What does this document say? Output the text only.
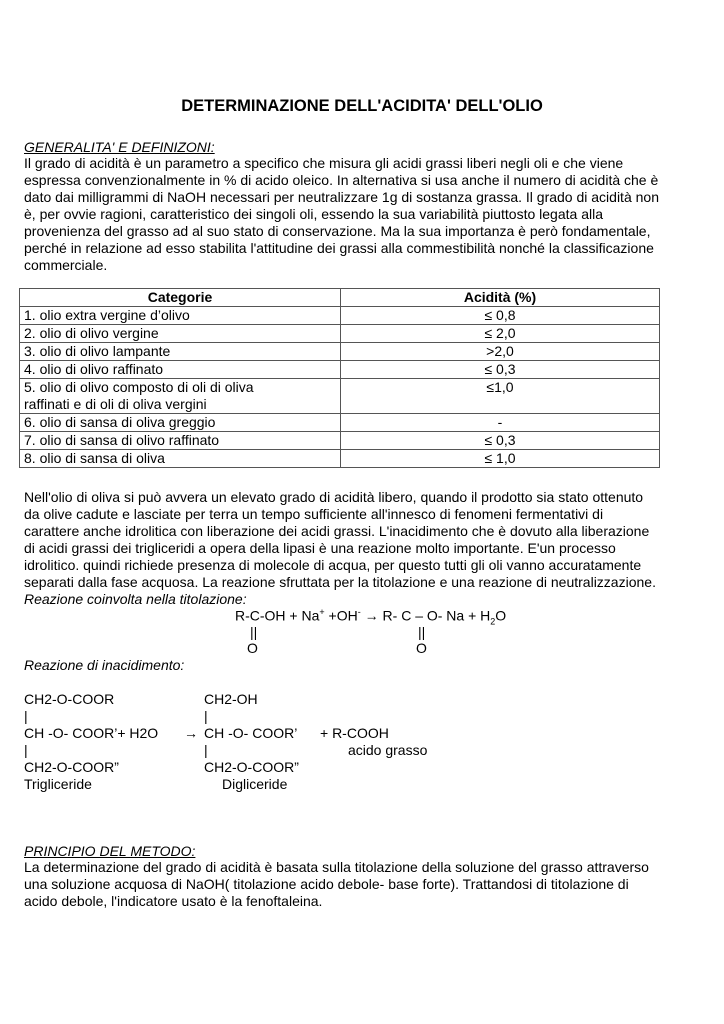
DETERMINAZIONE DELL'ACIDITA' DELL'OLIO
GENERALITA' E DEFINIZONI:
Il grado di acidità è un parametro a specifico che misura gli acidi grassi liberi negli oli e che viene
espressa convenzionalmente in % di acido oleico. In alternativa si usa anche il numero di acidità che è
dato dai milligrammi di NaOH necessari per neutralizzare 1g di sostanza grassa. Il grado di acidità non
è, per ovvie ragioni, caratteristico dei singoli oli, essendo la sua variabilità piuttosto legata alla
provenienza del grasso ad al suo stato di conservazione. Ma la sua importanza è però fondamentale,
perché in relazione ad esso stabilita l'attitudine dei grassi alla commestibilità nonché la classificazione
commerciale.
Categorie	Acidità (%)
1. olio extra vergine d’olivo	≤ 0,8
2. olio di olivo vergine	≤ 2,0
3. olio di olivo lampante	>2,0
4. olio di olivo raffinato	≤ 0,3

5. olio di olivo composto di oli di oliva
raffinati e di oli di oliva vergini	≤1,0
6. olio di sansa di oliva greggio	-
7. olio di sansa di olivo raffinato	≤ 0,3
8. olio di sansa di oliva	≤ 1,0
Nell'olio di oliva si può avvera un elevato grado di acidità libero, quando il prodotto sia stato ottenuto
da olive cadute e lasciate per terra un tempo sufficiente all'innesco di fenomeni fermentativi di
carattere anche idrolitica con liberazione dei acidi grassi. L'inacidimento che è dovuto alla liberazione
di acidi grassi dei trigliceridi a opera della lipasi è una reazione molto importante. E'un processo
idrolitico. quindi richiede presenza di molecole di acqua, per questo tutti gli oli vanno accuratamente
separati dalla fase acquosa. La reazione sfruttata per la titolazione e una reazione di neutralizzazione.
Reazione coinvolta nella titolazione:
R-C-OH + Na+ +OH- → R- C – O- $Na + H_2O$
||
O
||
O
Reazione di inacidimento:
CH2-O-COOR
|
CH -O- COOR’+ H2O
|
CH2-O-COOR”
Trigliceride
→
CH2-OH
|
CH -O- COOR’
|
CH2-O-COOR”
Digliceride
+ R-COOH
acido grasso
PRINCIPIO DEL METODO:
La determinazione del grado di acidità è basata sulla titolazione della soluzione del grasso attraverso
una soluzione acquosa di NaOH( titolazione acido debole- base forte). Trattandosi di titolazione di
acido debole, l'indicatore usato è la fenoftaleina.
